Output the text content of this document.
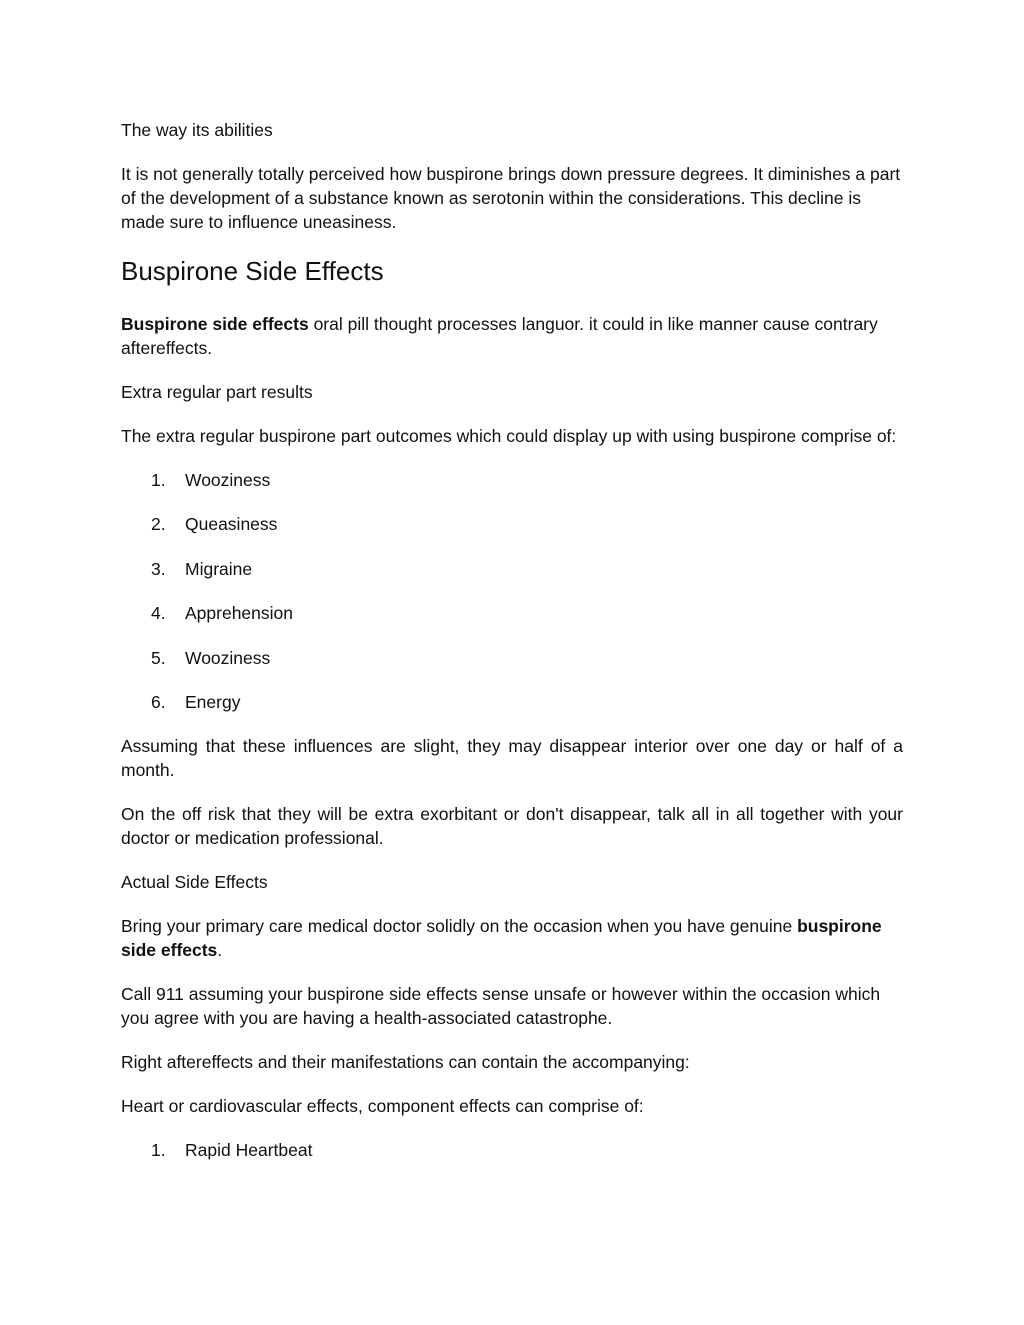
The way its abilities

It is not generally totally perceived how buspirone brings down pressure degrees. It diminishes a part of the development of a substance known as serotonin within the considerations. This decline is made sure to influence uneasiness.

Buspirone Side Effects

Buspirone side effects oral pill thought processes languor. it could in like manner cause contrary aftereffects.

Extra regular part results

The extra regular buspirone part outcomes which could display up with using buspirone comprise of:

1. Wooziness
2. Queasiness
3. Migraine
4. Apprehension
5. Wooziness
6. Energy

Assuming that these influences are slight, they may disappear interior over one day or half of a month.

On the off risk that they will be extra exorbitant or don't disappear, talk all in all together with your doctor or medication professional.

Actual Side Effects

Bring your primary care medical doctor solidly on the occasion when you have genuine buspirone side effects.

Call 911 assuming your buspirone side effects sense unsafe or however within the occasion which you agree with you are having a health-associated catastrophe.

Right aftereffects and their manifestations can contain the accompanying:

Heart or cardiovascular effects, component effects can comprise of:

1. Rapid Heartbeat
